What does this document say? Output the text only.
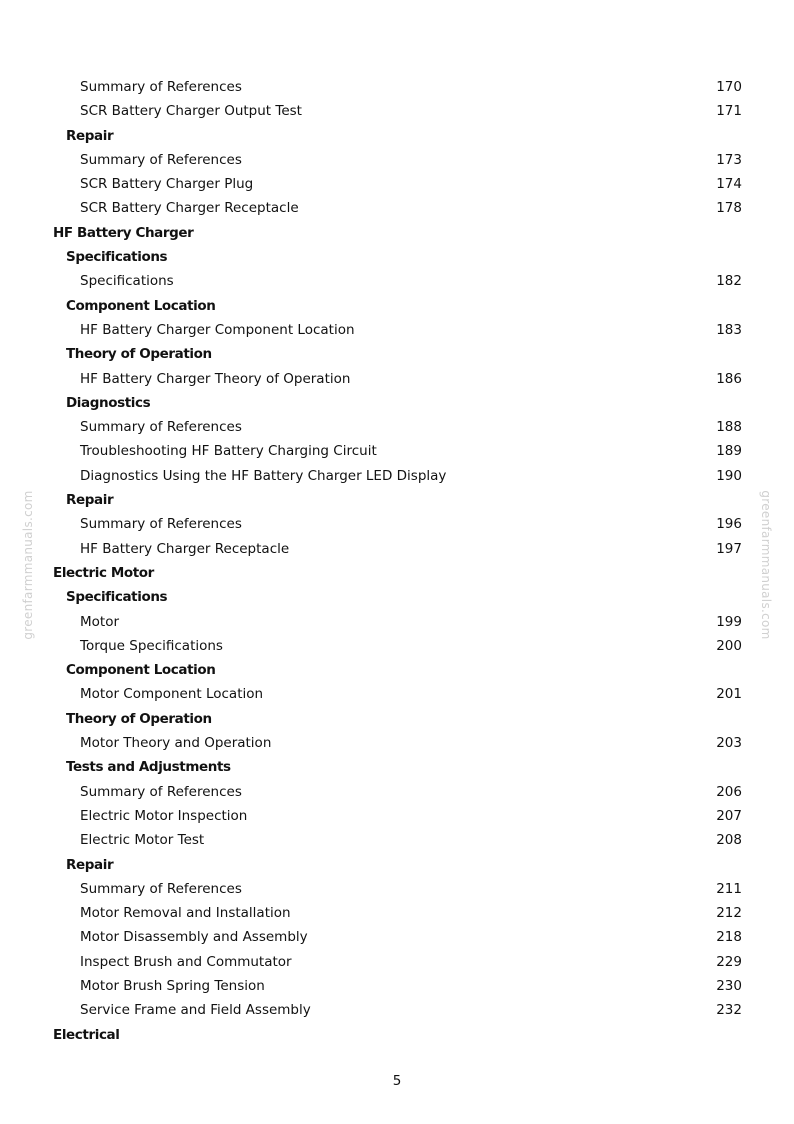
greenfarmmanuals.com	greenfarmmanuals.com
Summary of References	170
SCR Battery Charger Output Test	171
Repair
Summary of References	173
SCR Battery Charger Plug	174
SCR Battery Charger Receptacle	178
HF Battery Charger
Specifications
Specifications	182
Component Location
HF Battery Charger Component Location	183
Theory of Operation
HF Battery Charger Theory of Operation	186
Diagnostics
Summary of References	188
Troubleshooting HF Battery Charging Circuit	189
Diagnostics Using the HF Battery Charger LED Display	190
Repair
Summary of References	196
HF Battery Charger Receptacle	197
Electric Motor
Specifications
Motor	199
Torque Specifications	200
Component Location
Motor Component Location	201
Theory of Operation
Motor Theory and Operation	203
Tests and Adjustments
Summary of References	206
Electric Motor Inspection	207
Electric Motor Test	208
Repair
Summary of References	211
Motor Removal and Installation	212
Motor Disassembly and Assembly	218
Inspect Brush and Commutator	229
Motor Brush Spring Tension	230
Service Frame and Field Assembly	232
Electrical
5
